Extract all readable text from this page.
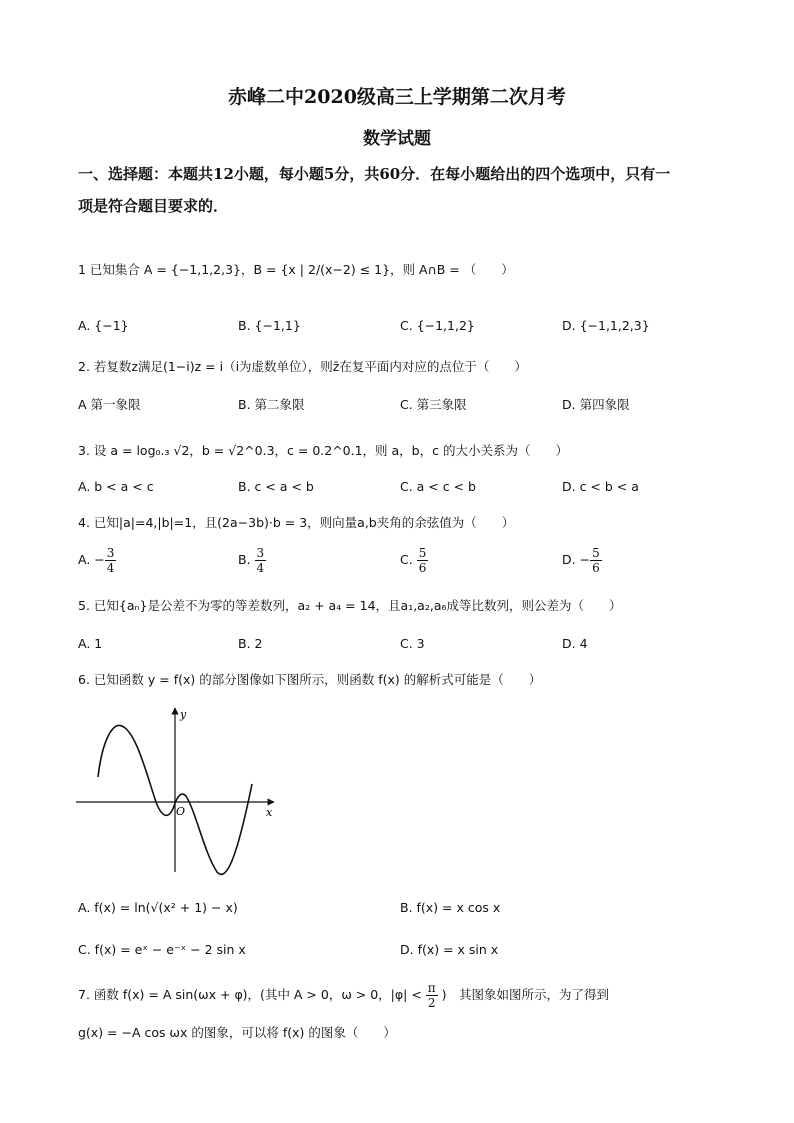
赤峰二中2020级高三上学期第二次月考
数学试题
一、选择题：本题共12小题，每小题5分，共60分．在每小题给出的四个选项中，只有一
项是符合题目要求的．
1 已知集合 A = {−1,1,2,3}，B = {x | 2/(x−2) ≤ 1}，则 A∩B = （　　）
A. {−1}	B. {−1,1}	C. {−1,1,2}	D. {−1,1,2,3}
2. 若复数z满足(1−i)z = i（i为虚数单位），则z̄在复平面内对应的点位于（　　）
A 第一象限	B. 第二象限	C. 第三象限	D. 第四象限
3. 设 a = log₀.₃ √2，b = √2^0.3，c = 0.2^0.1，则 a，b，c 的大小关系为（　　）
A. b < a < c	B. c < a < b	C. a < c < b	D. c < b < a
4. 已知|a|=4,|b|=1，且(2a−3b)·b = 3，则向量a,b夹角的余弦值为（　　）
A. − $\frac{3}{4}$	B. $\frac{3}{4}$	C. $\frac{5}{6}$	D. − $\frac{5}{6}$
5. 已知{aₙ}是公差不为零的等差数列，a₂ + a₄ = 14，且a₁,a₂,a₆成等比数列，则公差为（　　）
A. 1	B. 2	C. 3	D. 4
6. 已知函数 y = f(x) 的部分图像如下图所示，则函数 f(x) 的解析式可能是（　　）
x
y
O
A. f(x) = ln(√(x² + 1) − x)	B. f(x) = x cos x
C. f(x) = eˣ − e⁻ˣ − 2 sin x	D. f(x) = x sin x
7. 函数 f(x) = A sin(ωx + φ)，(其中 A > 0，ω > 0，$|\varphi| < \frac{\pi}{2}$ )　其图象如图所示，为了得到
g(x) = −A cos ωx 的图象，可以将 f(x) 的图象（　　）
